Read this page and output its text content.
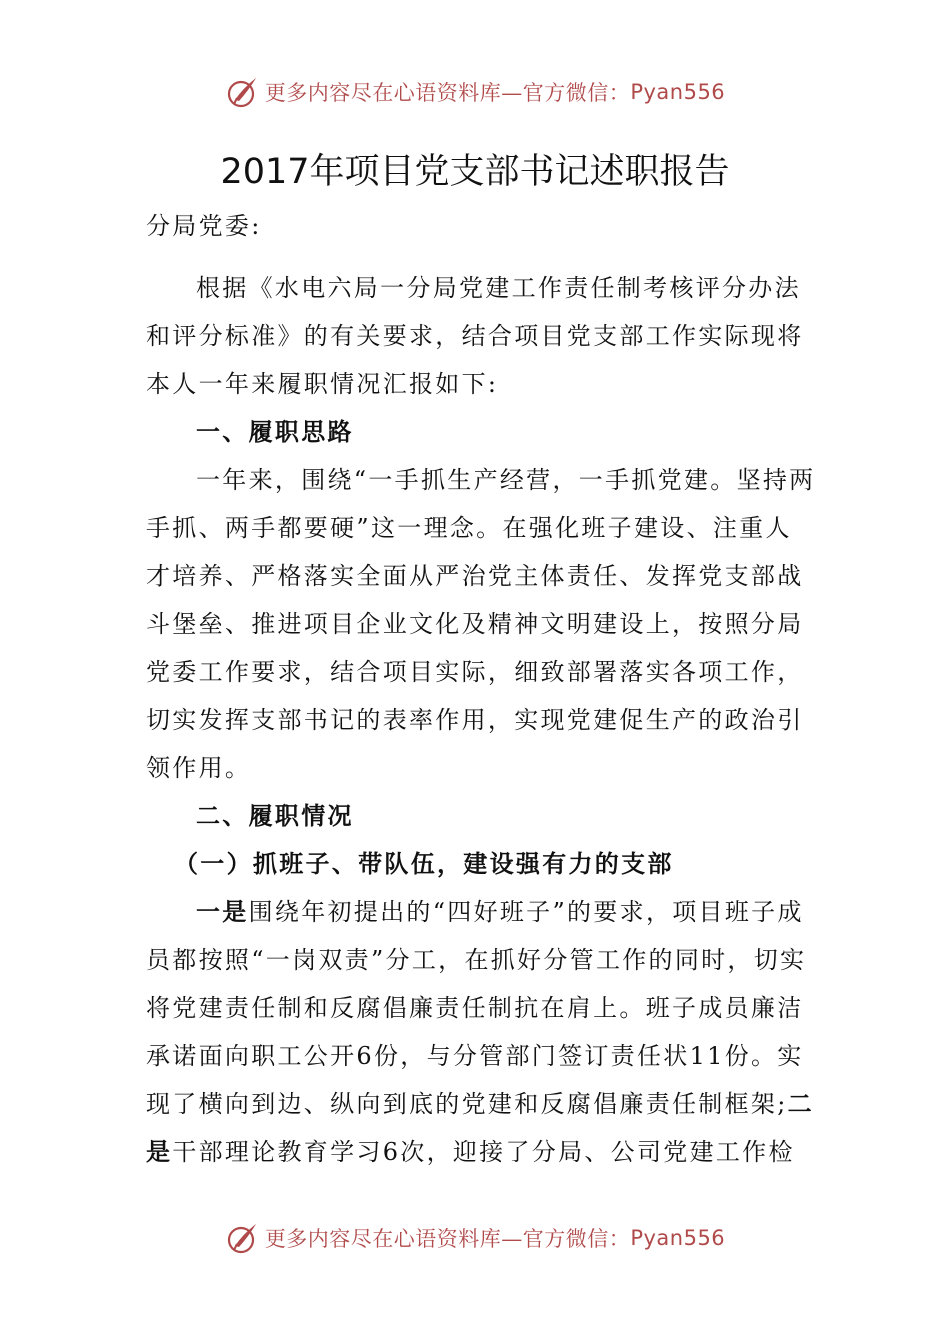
更多内容尽在心语资料库—官方微信： Pyan556
2017年项目党支部书记述职报告

分局党委:

根据《水电六局一分局党建工作责任制考核评分办法和评分标准》的有关要求，结合项目党支部工作实际现将本人一年来履职情况汇报如下:

一、履职思路

一年来，围绕“一手抓生产经营，一手抓党建。坚持两手抓、两手都要硬”这一理念。在强化班子建设、注重人才培养、严格落实全面从严治党主体责任、发挥党支部战斗堡垒、推进项目企业文化及精神文明建设上，按照分局党委工作要求，结合项目实际，细致部署落实各项工作，切实发挥支部书记的表率作用，实现党建促生产的政治引领作用。

二、履职情况

（一）抓班子、带队伍，建设强有力的支部

一是围绕年初提出的“四好班子”的要求，项目班子成员都按照“一岗双责”分工，在抓好分管工作的同时，切实将党建责任制和反腐倡廉责任制抗在肩上。班子成员廉洁承诺面向职工公开6份，与分管部门签订责任状11份。实现了横向到边、纵向到底的党建和反腐倡廉责任制框架;二是干部理论教育学习6次，迎接了分局、公司党建工作检

更多内容尽在心语资料库—官方微信： Pyan556
